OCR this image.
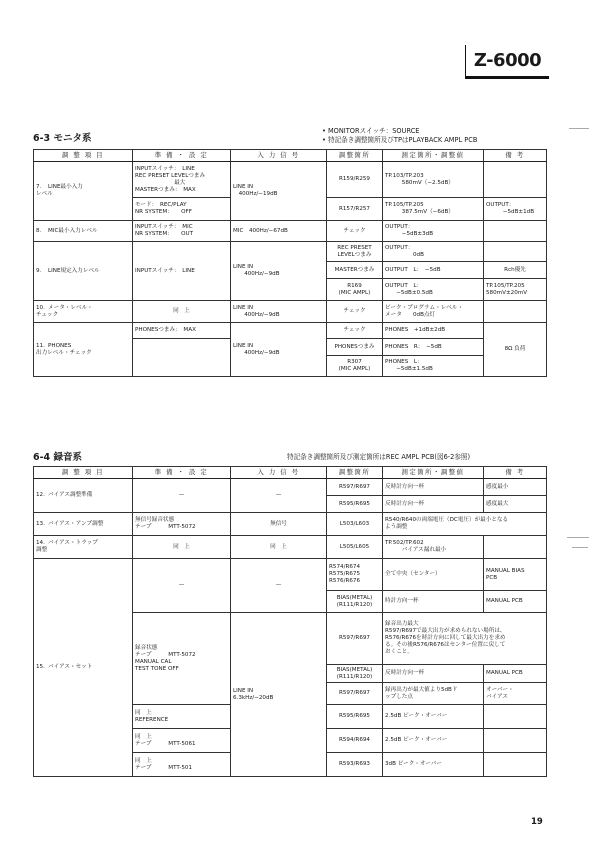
Z-6000
6-3 モニタ系
• MONITORスイッチ：SOURCE
• 特記条き調整箇所及びTPはPLAYBACK AMPL PCB
調 整 項 目	準 備 ・ 設 定	入 力 信 号	調整箇所	測定箇所・調整値	備 考
7. LINE最小入力
レベル	INPUTスイッチ：　LINE
REC PRESET LEVELつまみ
　　　　　　　最大
MASTERつまみ：　MAX	LINE IN
　400Hz/−19dB	R159/R259	TP.103/TP.203
　　　580mV（−2.5dB）	
	モード：　REC/PLAY
NR SYSTEM：　　OFF		R157/R257	TP.105/TP.205
　　　387.5mV（−6dB）	OUTPUT：
　　　−5dB±1dB
8. MIC最小入力レベル	INPUTスイッチ：　MIC
NR SYSTEM：　　OUT	MIC　400Hz/−67dB	チェック	OUTPUT：
　　　−5dB±3dB	
9. LINE規定入力レベル	INPUTスイッチ：　LINE	LINE IN
　　400Hz/−9dB	REC PRESET
LEVELつまみ	OUTPUT：
　　　　　0dB	
			MASTERつまみ	OUTPUT　L：　−5dB	Rch優先
			R169
(MIC AMPL)	OUTPUT　L：
　　−5dB±0.5dB	TP.105/TP.205
580mV±20mV
10. メータ・レベル・
チェック	同　上	LINE IN
　　400Hz/−9dB	チェック	ピーク・プログラム・レベル・
メータ　　0dB点灯	
11. PHONES
出力レベル・チェック	PHONESつまみ：　MAX	LINE IN
　　400Hz/−9dB	チェック	PHONES　+1dB±2dB	8Ω 負荷
			PHONESつまみ	PHONES　R：　−5dB	
			R307
(MIC AMPL)	PHONES　L：
　　−5dB±1.5dB	
6-4 録音系	特記条き調整箇所及び測定箇所はREC AMPL PCB(図6-2参照)
調 整 項 目	準 備 ・ 設 定	入 力 信 号	調整箇所	測定箇所・調整値	備 考
12. バイアス調整準備	—	—	R597/R697	反時計方向一杯	感度最小
			R595/R695	反時計方向一杯	感度最大
13. バイアス・アンプ調整	無信号録音状態
テープ　　　MTT-5072	無信号	L503/L603	R540/R640の両端電圧（DC電圧）が最小となる
よう調整	
14. バイアス・トラップ
調整	同　上	同　上	L505/L605	TP.502/TP.602
　　　バイアス漏れ最小	
15. バイアス・セット	—	—	R574/R674
R575/R675
R576/R676	全て中央（センター）	MANUAL BIAS
PCB
			BIAS(METAL)
(R111/R120)	時計方向一杯	MANUAL PCB
	録音状態
テープ　　　MTT-5072
MANUAL CAL
TEST TONE OFF	LINE IN
6.3kHz/−20dB	R597/R697	録音出力最大
R597/R697で最大出力が求められない場所は、
R576/R676を時計方向に回して最大出力を求め
る。その後R576/R676はセンター位置に戻して
おくこと。	
			BIAS(METAL)
(R111/R120)	反時計方向一杯	MANUAL PCB
			R597/R697	録再出力が最大値より5dBド
ップした点	オーバー・
バイアス
	同　上
REFERENCE		R595/R695	2.5dB ピーク・オーバー	
	同　上
テープ　　　MTT-5061		R594/R694	2.5dB ピーク・オーバー	
	同　上
テープ　　　MTT-501		R593/R693	3dB ピーク・オーバー	
19
